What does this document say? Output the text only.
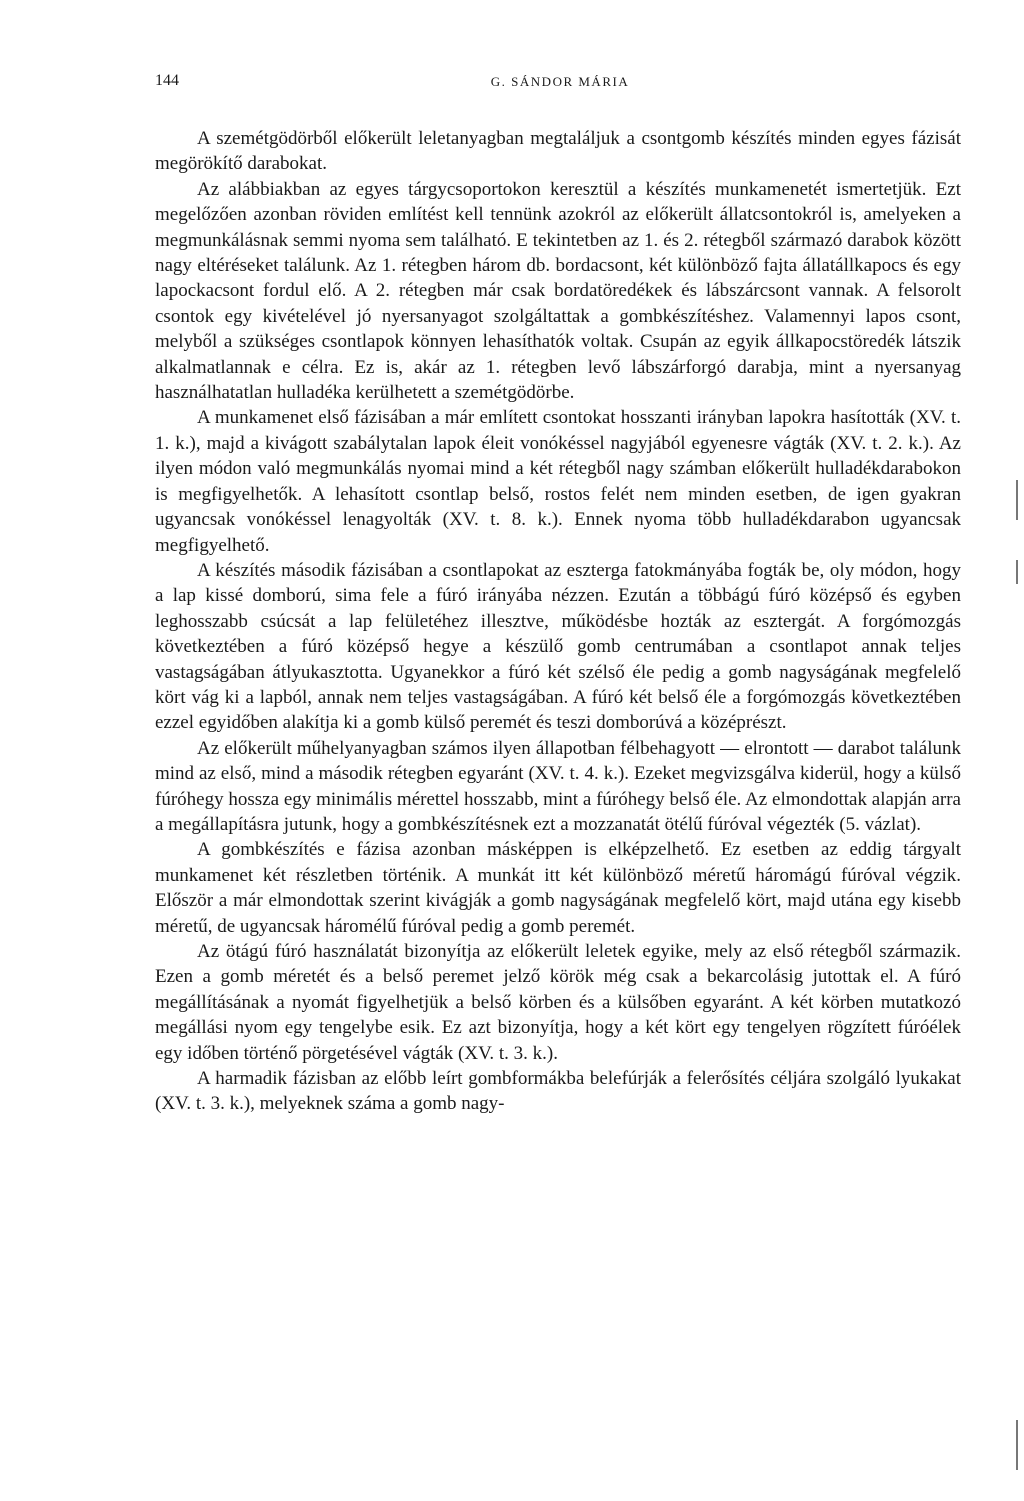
144	G. SÁNDOR MÁRIA

A szemétgödörből előkerült leletanyagban megtaláljuk a csontgomb készítés minden egyes fázisát megörökítő darabokat.

Az alábbiakban az egyes tárgycsoportokon keresztül a készítés munkamenetét ismertetjük. Ezt megelőzően azonban röviden említést kell tennünk azokról az előkerült állatcsontokról is, amelyeken a megmunkálásnak semmi nyoma sem található. E tekintetben az 1. és 2. rétegből származó darabok között nagy eltéréseket találunk. Az 1. rétegben három db. bordacsont, két különböző fajta állatállkapocs és egy lapockacsont fordul elő. A 2. rétegben már csak bordatöredékek és lábszárcsont vannak. A felsorolt csontok egy kivételével jó nyersanyagot szolgáltattak a gombkészítéshez. Valamennyi lapos csont, melyből a szükséges csontlapok könnyen lehasíthatók voltak. Csupán az egyik állkapocstöredék látszik alkalmatlannak e célra. Ez is, akár az 1. rétegben levő lábszárforgó darabja, mint a nyersanyag használhatatlan hulladéka kerülhetett a szemétgödörbe.

A munkamenet első fázisában a már említett csontokat hosszanti irányban lapokra hasították (XV. t. 1. k.), majd a kivágott szabálytalan lapok éleit vonókéssel nagyjából egyenesre vágták (XV. t. 2. k.). Az ilyen módon való megmunkálás nyomai mind a két rétegből nagy számban előkerült hulladékdarabokon is megfigyelhetők. A lehasított csontlap belső, rostos felét nem minden esetben, de igen gyakran ugyancsak vonókéssel lenagyolták (XV. t. 8. k.). Ennek nyoma több hulladékdarabon ugyancsak megfigyelhető.

A készítés második fázisában a csontlapokat az eszterga fatokmányába fogták be, oly módon, hogy a lap kissé domború, sima fele a fúró irányába nézzen. Ezután a többágú fúró középső és egyben leghosszabb csúcsát a lap felületéhez illesztve, működésbe hozták az esztergát. A forgómozgás következtében a fúró középső hegye a készülő gomb centrumában a csontlapot annak teljes vastagságában átlyukasztotta. Ugyanekkor a fúró két szélső éle pedig a gomb nagyságának megfelelő kört vág ki a lapból, annak nem teljes vastagságában. A fúró két belső éle a forgómozgás következtében ezzel egyidőben alakítja ki a gomb külső peremét és teszi domborúvá a középrészt.

Az előkerült műhelyanyagban számos ilyen állapotban félbehagyott — elrontott — darabot találunk mind az első, mind a második rétegben egyaránt (XV. t. 4. k.). Ezeket megvizsgálva kiderül, hogy a külső fúróhegy hossza egy minimális mérettel hosszabb, mint a fúróhegy belső éle. Az elmondottak alapján arra a megállapításra jutunk, hogy a gombkészítésnek ezt a mozzanatát ötélű fúróval végezték (5. vázlat).

A gombkészítés e fázisa azonban másképpen is elképzelhető. Ez esetben az eddig tárgyalt munkamenet két részletben történik. A munkát itt két különböző méretű háromágú fúróval végzik. Először a már elmondottak szerint kivágják a gomb nagyságának megfelelő kört, majd utána egy kisebb méretű, de ugyancsak háromélű fúróval pedig a gomb peremét.

Az ötágú fúró használatát bizonyítja az előkerült leletek egyike, mely az első rétegből származik. Ezen a gomb méretét és a belső peremet jelző körök még csak a bekarcolásig jutottak el. A fúró megállításának a nyomát figyelhetjük a belső körben és a külsőben egyaránt. A két körben mutatkozó megállási nyom egy tengelybe esik. Ez azt bizonyítja, hogy a két kört egy tengelyen rögzített fúróélek egy időben történő pörgetésével vágták (XV. t. 3. k.).

A harmadik fázisban az előbb leírt gombformákba belefúrják a felerősítés céljára szolgáló lyukakat (XV. t. 3. k.), melyeknek száma a gomb nagy-
